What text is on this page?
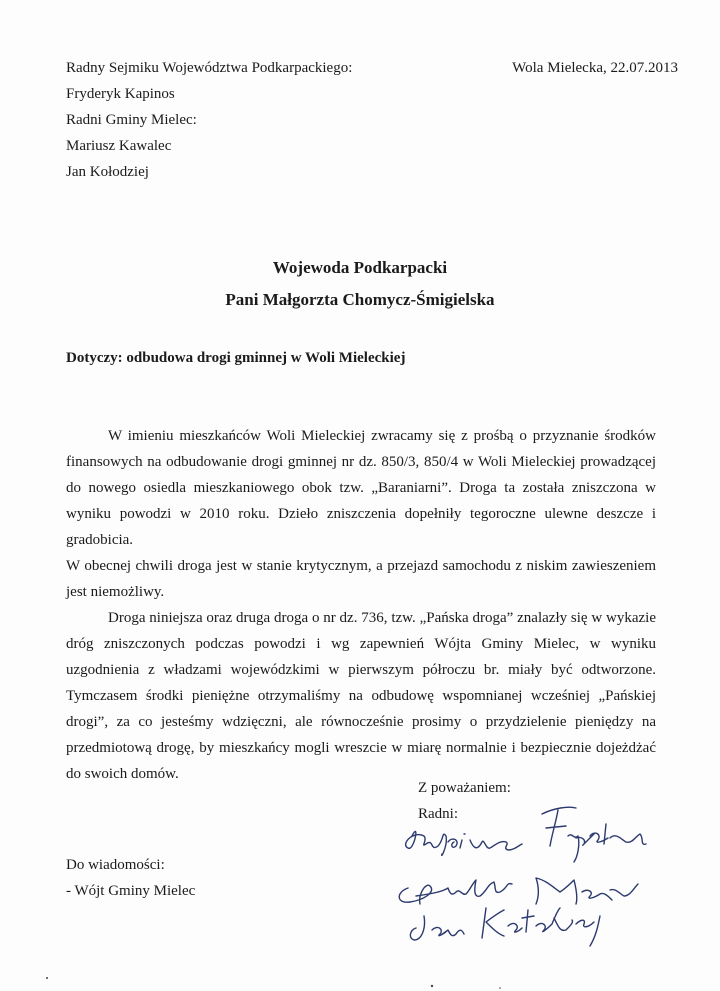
Radny Sejmiku Województwa Podkarpackiego:
Fryderyk Kapinos
Radni Gminy Mielec:
Mariusz Kawalec
Jan Kołodziej
Wola Mielecka, 22.07.2013
Wojewoda Podkarpacki
Pani Małgorzta Chomycz-Śmigielska
Dotyczy: odbudowa drogi gminnej w Woli Mieleckiej

W imieniu mieszkańców Woli Mieleckiej zwracamy się z prośbą o przyznanie środków finansowych na odbudowanie drogi gminnej nr dz. 850/3, 850/4 w Woli Mieleckiej prowadzącej do nowego osiedla mieszkaniowego obok tzw. „Baraniarni”. Droga ta została zniszczona w wyniku powodzi w 2010 roku. Dzieło zniszczenia dopełniły tegoroczne ulewne deszcze i gradobicia.

W obecnej chwili droga jest w stanie krytycznym, a przejazd samochodu z niskim zawieszeniem jest niemożliwy.

Droga niniejsza oraz druga droga o nr dz. 736, tzw. „Pańska droga” znalazły się w wykazie dróg zniszczonych podczas powodzi i wg zapewnień Wójta Gminy Mielec, w wyniku uzgodnienia z władzami wojewódzkimi w pierwszym półroczu br. miały być odtworzone. Tymczasem środki pieniężne otrzymaliśmy na odbudowę wspomnianej wcześniej „Pańskiej drogi”, za co jesteśmy wdzięczni, ale równocześnie prosimy o przydzielenie pieniędzy na przedmiotową drogę, by mieszkańcy mogli wreszcie w miarę normalnie i bezpiecznie dojeżdżać do swoich domów.

Z poważaniem:
Radni:
Do wiadomości:
- Wójt Gminy Mielec
